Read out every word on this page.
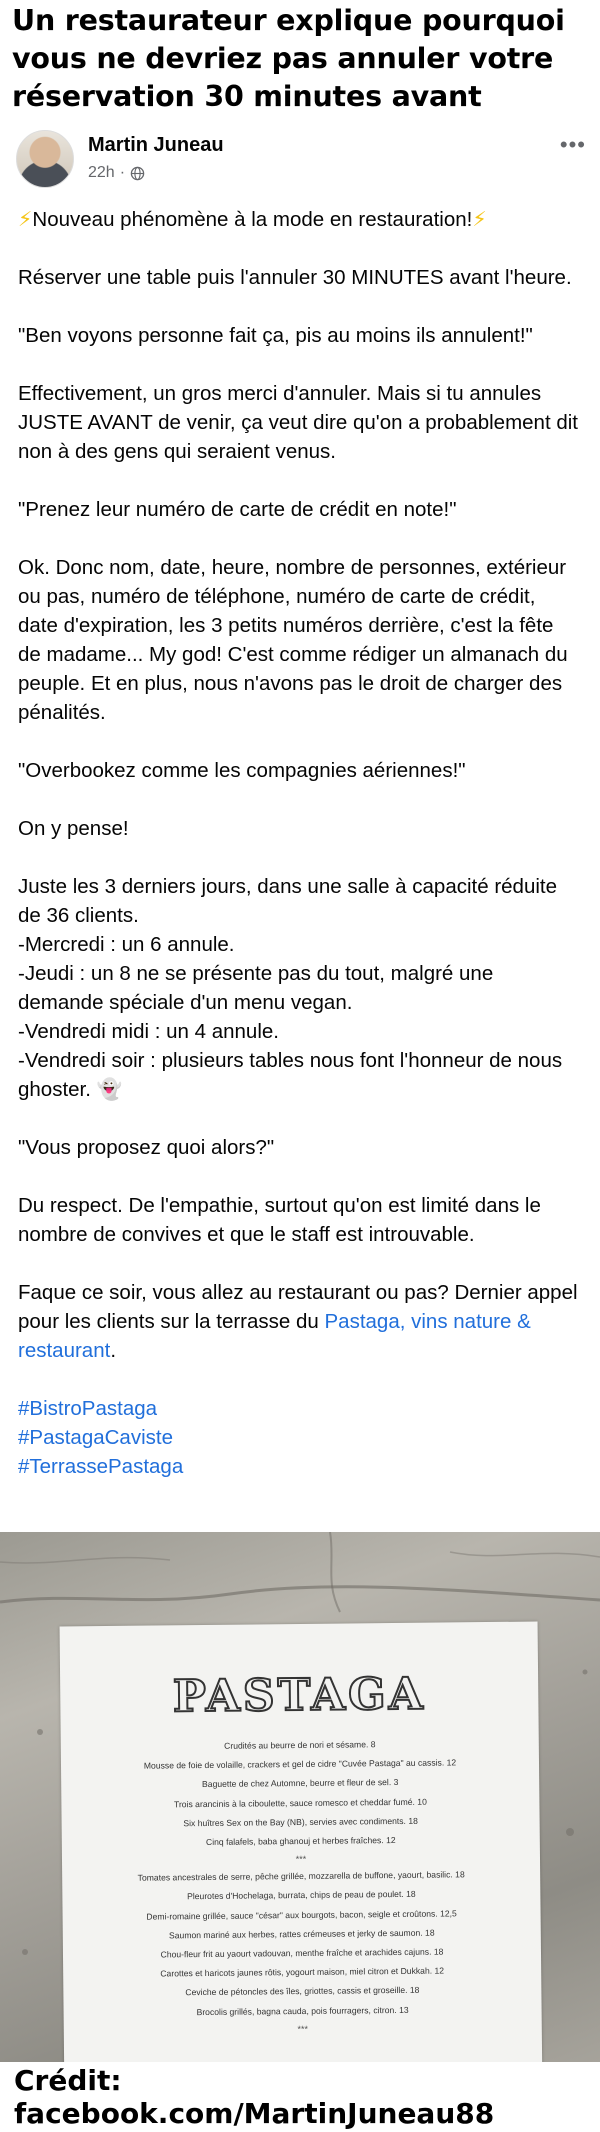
Un restaurateur explique pourquoi vous ne devriez pas annuler votre réservation 30 minutes avant
Martin Juneau
22h ·
•••
⚡Nouveau phénomène à la mode en restauration!⚡
Réserver une table puis l'annuler 30 MINUTES avant l'heure.
"Ben voyons personne fait ça, pis au moins ils annulent!"
Effectivement, un gros merci d'annuler. Mais si tu annules JUSTE AVANT de venir, ça veut dire qu'on a probablement dit non à des gens qui seraient venus.
"Prenez leur numéro de carte de crédit en note!"
Ok. Donc nom, date, heure, nombre de personnes, extérieur ou pas, numéro de téléphone, numéro de carte de crédit, date d'expiration, les 3 petits numéros derrière, c'est la fête de madame... My god! C'est comme rédiger un almanach du peuple. Et en plus, nous n'avons pas le droit de charger des pénalités.
"Overbookez comme les compagnies aériennes!"
On y pense!
Juste les 3 derniers jours, dans une salle à capacité réduite de 36 clients.
-Mercredi : un 6 annule.
-Jeudi : un 8 ne se présente pas du tout, malgré une demande spéciale d'un menu vegan.
-Vendredi midi : un 4 annule.
-Vendredi soir : plusieurs tables nous font l'honneur de nous ghoster. 👻
"Vous proposez quoi alors?"
Du respect. De l'empathie, surtout qu'on est limité dans le nombre de convives et que le staff est introuvable.
Faque ce soir, vous allez au restaurant ou pas? Dernier appel pour les clients sur la terrasse du Pastaga, vins nature & restaurant.
#BistroPastaga
#PastagaCaviste
#TerrassePastaga
PASTAGA
Crudités au beurre de nori et sésame. 8
Mousse de foie de volaille, crackers et gel de cidre "Cuvée Pastaga" au cassis. 12
Baguette de chez Automne, beurre et fleur de sel. 3
Trois arancinis à la ciboulette, sauce romesco et cheddar fumé. 10
Six huîtres Sex on the Bay (NB), servies avec condiments. 18
Cinq falafels, baba ghanouj et herbes fraîches. 12
***
Tomates ancestrales de serre, pêche grillée, mozzarella de buffone, yaourt, basilic. 18
Pleurotes d'Hochelaga, burrata, chips de peau de poulet. 18
Demi-romaine grillée, sauce "césar" aux bourgots, bacon, seigle et croûtons. 12,5
Saumon mariné aux herbes, rattes crémeuses et jerky de saumon. 18
Chou-fleur frit au yaourt vadouvan, menthe fraîche et arachides cajuns. 18
Carottes et haricots jaunes rôtis, yogourt maison, miel citron et Dukkah. 12
Ceviche de pétoncles des îles, griottes, cassis et groseille. 18
Brocolis grillés, bagna cauda, pois fourragers, citron. 13
***
Crédit: facebook.com/MartinJuneau88
